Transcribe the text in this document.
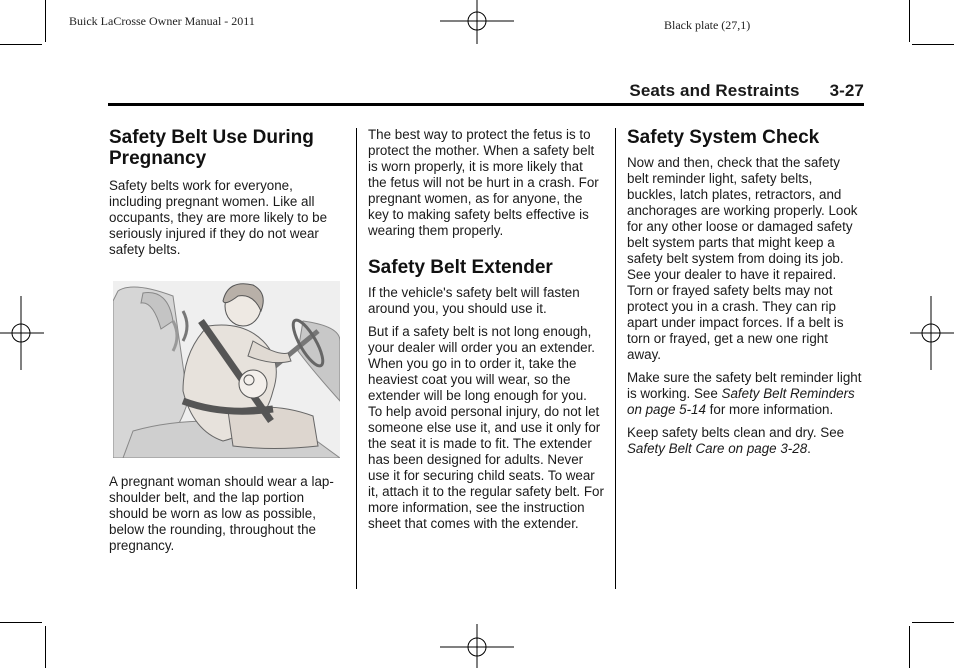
Buick LaCrosse Owner Manual - 2011	Black plate (27,1)
Seats and Restraints 3-27
Safety Belt Use During Pregnancy

Safety belts work for everyone, including pregnant women. Like all occupants, they are more likely to be seriously injured if they do not wear safety belts.

A pregnant woman should wear a lap-shoulder belt, and the lap portion should be worn as low as possible, below the rounding, throughout the pregnancy.

The best way to protect the fetus is to protect the mother. When a safety belt is worn properly, it is more likely that the fetus will not be hurt in a crash. For pregnant women, as for anyone, the key to making safety belts effective is wearing them properly.

Safety Belt Extender

If the vehicle's safety belt will fasten around you, you should use it.

But if a safety belt is not long enough, your dealer will order you an extender. When you go in to order it, take the heaviest coat you will wear, so the extender will be long enough for you. To help avoid personal injury, do not let someone else use it, and use it only for the seat it is made to fit. The extender has been designed for adults. Never use it for securing child seats. To wear it, attach it to the regular safety belt. For more information, see the instruction sheet that comes with the extender.

Safety System Check

Now and then, check that the safety belt reminder light, safety belts, buckles, latch plates, retractors, and anchorages are working properly. Look for any other loose or damaged safety belt system parts that might keep a safety belt system from doing its job. See your dealer to have it repaired. Torn or frayed safety belts may not protect you in a crash. They can rip apart under impact forces. If a belt is torn or frayed, get a new one right away.

Make sure the safety belt reminder light is working. See Safety Belt Reminders on page 5-14 for more information.

Keep safety belts clean and dry. See Safety Belt Care on page 3-28.
